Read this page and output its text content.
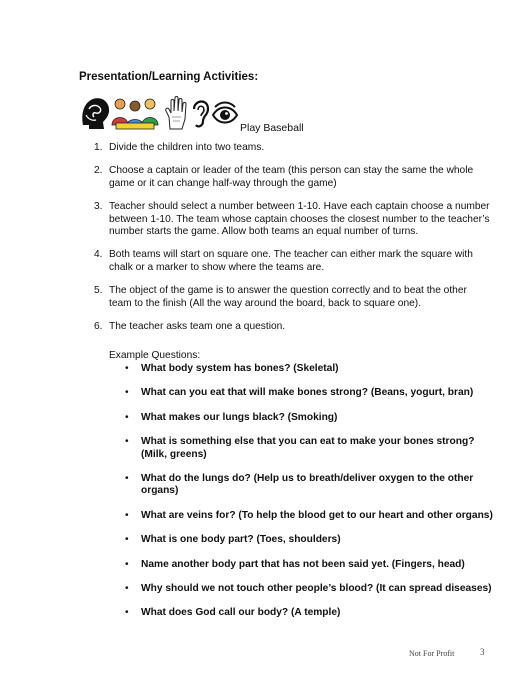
Presentation/Learning Activities:
Play Baseball
1. Divide the children into two teams.
2. Choose a captain or leader of the team (this person can stay the same the whole game or it can change half-way through the game)
3. Teacher should select a number between 1-10. Have each captain choose a number between 1-10. The team whose captain chooses the closest number to the teacher’s number starts the game. Allow both teams an equal number of turns.
4. Both teams will start on square one. The teacher can either mark the square with chalk or a marker to show where the teams are.
5. The object of the game is to answer the question correctly and to beat the other team to the finish (All the way around the board, back to square one).
6. The teacher asks team one a question.
Example Questions:
• What body system has bones? (Skeletal)
• What can you eat that will make bones strong? (Beans, yogurt, bran)
• What makes our lungs black? (Smoking)
• What is something else that you can eat to make your bones strong? (Milk, greens)
• What do the lungs do? (Help us to breath/deliver oxygen to the other organs)
• What are veins for? (To help the blood get to our heart and other organs)
• What is one body part? (Toes, shoulders)
• Name another body part that has not been said yet. (Fingers, head)
• Why should we not touch other people’s blood? (It can spread diseases)
• What does God call our body? (A temple)
Not For Profit	3
